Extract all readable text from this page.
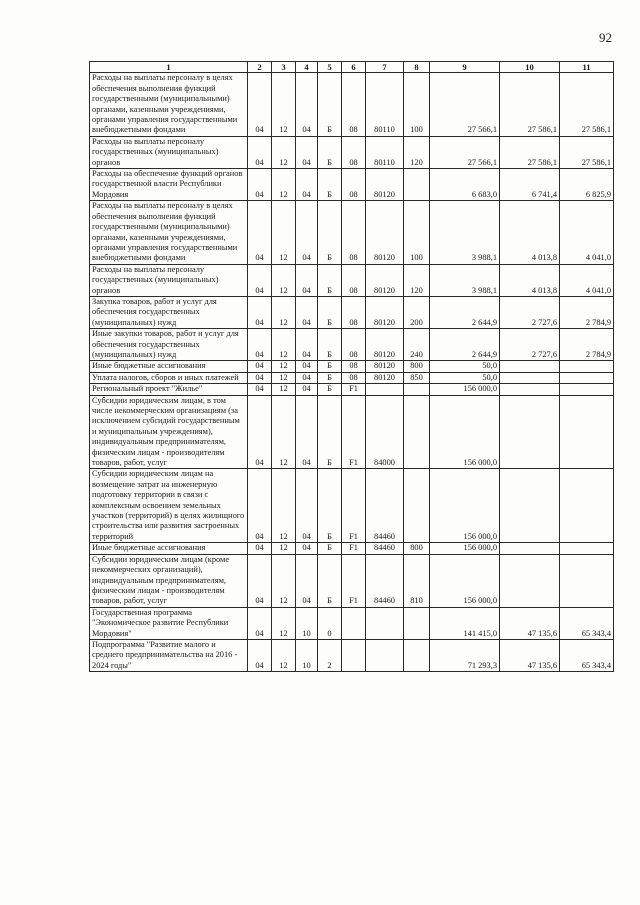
92
1	2	3	4	5	6	7	8	9	10	11
Расходы на выплаты персоналу в целях обеспечения выполнения функций государственными (муниципальными) органами, казенными учреждениями, органами управления государственными внебюджетными фондами	04	12	04	Б	08	80110	100	27 566,1	27 586,1	27 586,1
Расходы на выплаты персоналу государственных (муниципальных) органов	04	12	04	Б	08	80110	120	27 566,1	27 586,1	27 586,1
Расходы на обеспечение функций органов государственной власти Республики Мордовия	04	12	04	Б	08	80120		6 683,0	6 741,4	6 825,9
Расходы на выплаты персоналу в целях обеспечения выполнения функций государственными (муниципальными) органами, казенными учреждениями, органами управления государственными внебюджетными фондами	04	12	04	Б	08	80120	100	3 988,1	4 013,8	4 041,0
Расходы на выплаты персоналу государственных (муниципальных) органов	04	12	04	Б	08	80120	120	3 988,1	4 013,8	4 041,0
Закупка товаров, работ и услуг для обеспечения государственных (муниципальных) нужд	04	12	04	Б	08	80120	200	2 644,9	2 727,6	2 784,9
Иные закупки товаров, работ и услуг для обеспечения государственных (муниципальных) нужд	04	12	04	Б	08	80120	240	2 644,9	2 727,6	2 784,9
Иные бюджетные ассигнования	04	12	04	Б	08	80120	800	50,0		
Уплата налогов, сборов и иных платежей	04	12	04	Б	08	80120	850	50,0		
Региональный проект "Жилье"	04	12	04	Б	F1			156 000,0		
Субсидии юридическим лицам, в том числе некоммерческим организациям (за исключением субсидий государственным и муниципальным учреждениям), индивидуальным предпринимателям, физическим лицам - производителям товаров, работ, услуг	04	12	04	Б	F1	84000		156 000,0		
Субсидии юридическим лицам на возмещение затрат на инженерную подготовку территории в связи с комплексным освоением земельных участков (территорий) в целях жилищного строительства или развития застроенных территорий	04	12	04	Б	F1	84460		156 000,0		
Иные бюджетные ассигнования	04	12	04	Б	F1	84460	800	156 000,0		
Субсидии юридическим лицам (кроме некоммерческих организаций), индивидуальным предпринимателям, физическим лицам - производителям товаров, работ, услуг	04	12	04	Б	F1	84460	810	156 000,0		
Государственная программа "Экономическое развитие Республики Мордовия"	04	12	10	0				141 415,0	47 135,6	65 343,4
Подпрограмма "Развитие малого и среднего предпринимательства на 2016 - 2024 годы"	04	12	10	2				71 293,3	47 135,6	65 343,4
